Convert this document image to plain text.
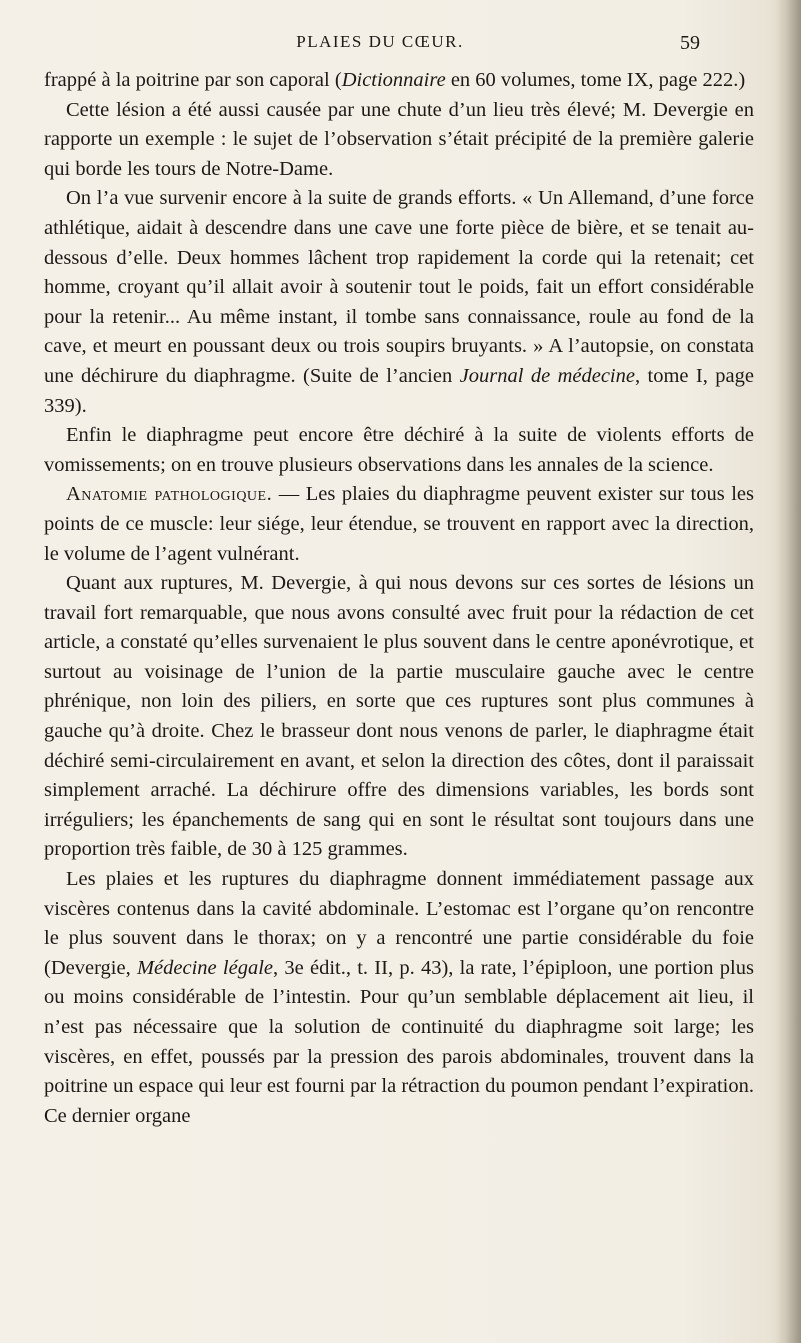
PLAIES DU CŒUR.	59

frappé à la poitrine par son caporal (Dictionnaire en 60 volumes, tome IX, page 222.)

Cette lésion a été aussi causée par une chute d’un lieu très élevé; M. Devergie en rapporte un exemple : le sujet de l’observation s’était précipité de la première galerie qui borde les tours de Notre-Dame.

On l’a vue survenir encore à la suite de grands efforts. « Un Allemand, d’une force athlétique, aidait à descendre dans une cave une forte pièce de bière, et se tenait au-dessous d’elle. Deux hommes lâchent trop rapidement la corde qui la retenait; cet homme, croyant qu’il allait avoir à soutenir tout le poids, fait un effort considérable pour la retenir... Au même instant, il tombe sans connaissance, roule au fond de la cave, et meurt en poussant deux ou trois soupirs bruyants. » A l’autopsie, on constata une déchirure du diaphragme. (Suite de l’ancien Journal de médecine, tome I, page 339).

Enfin le diaphragme peut encore être déchiré à la suite de violents efforts de vomissements; on en trouve plusieurs observations dans les annales de la science.

Anatomie pathologique. — Les plaies du diaphragme peuvent exister sur tous les points de ce muscle: leur siége, leur étendue, se trouvent en rapport avec la direction, le volume de l’agent vulnérant.

Quant aux ruptures, M. Devergie, à qui nous devons sur ces sortes de lésions un travail fort remarquable, que nous avons consulté avec fruit pour la rédaction de cet article, a constaté qu’elles survenaient le plus souvent dans le centre aponévrotique, et surtout au voisinage de l’union de la partie musculaire gauche avec le centre phrénique, non loin des piliers, en sorte que ces ruptures sont plus communes à gauche qu’à droite. Chez le brasseur dont nous venons de parler, le diaphragme était déchiré semi-circulairement en avant, et selon la direction des côtes, dont il paraissait simplement arraché. La déchirure offre des dimensions variables, les bords sont irréguliers; les épanchements de sang qui en sont le résultat sont toujours dans une proportion très faible, de 30 à 125 grammes.

Les plaies et les ruptures du diaphragme donnent immédiatement passage aux viscères contenus dans la cavité abdominale. L’estomac est l’organe qu’on rencontre le plus souvent dans le thorax; on y a rencontré une partie considérable du foie (Devergie, Médecine légale, 3e édit., t. II, p. 43), la rate, l’épiploon, une portion plus ou moins considérable de l’intestin. Pour qu’un semblable déplacement ait lieu, il n’est pas nécessaire que la solution de continuité du diaphragme soit large; les viscères, en effet, poussés par la pression des parois abdominales, trouvent dans la poitrine un espace qui leur est fourni par la rétraction du poumon pendant l’expiration. Ce dernier organe
